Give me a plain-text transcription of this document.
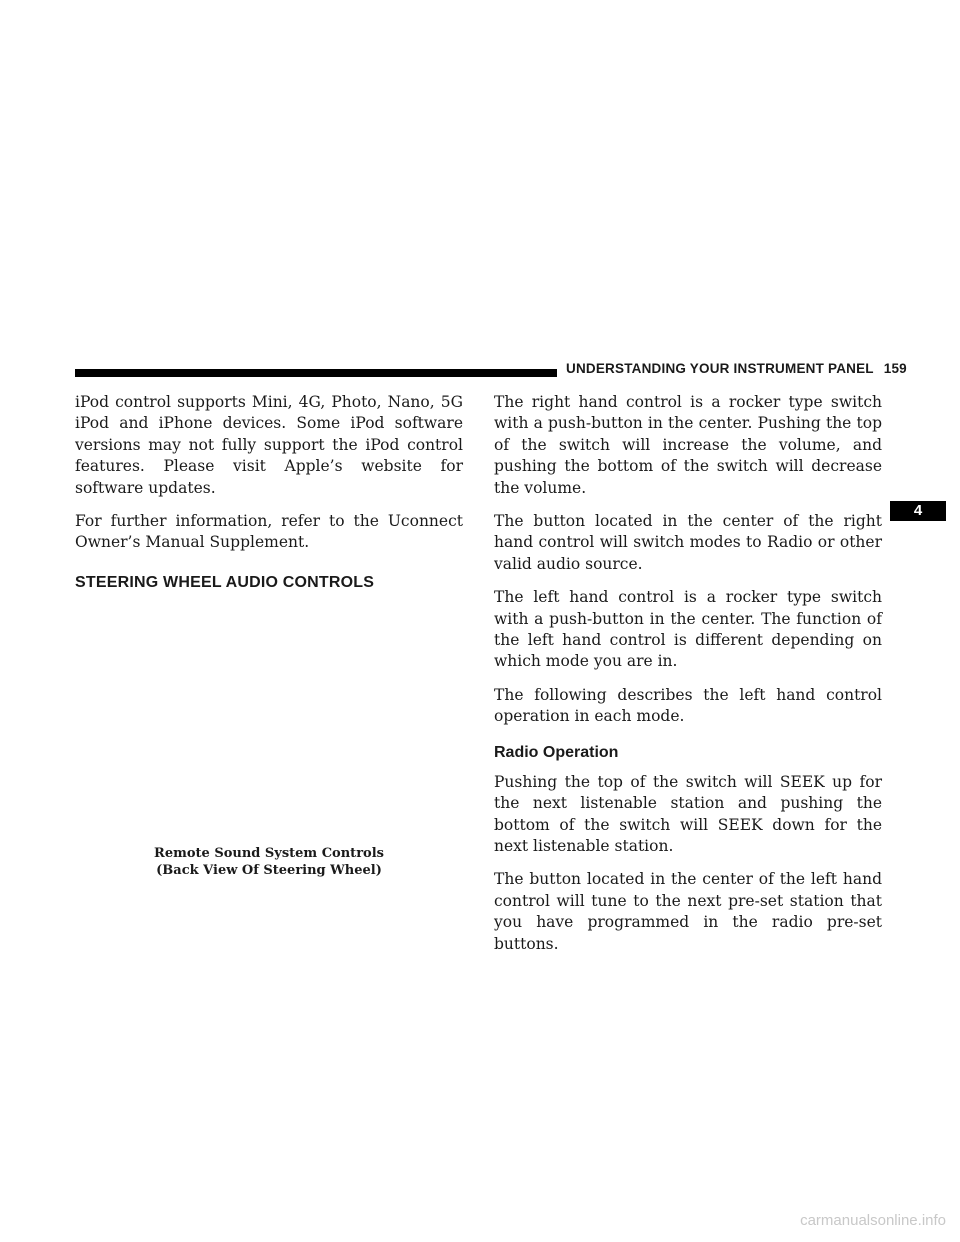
UNDERSTANDING YOUR INSTRUMENT PANEL 159

iPod control supports Mini, 4G, Photo, Nano, 5G iPod and iPhone devices. Some iPod software versions may not fully support the iPod control features. Please visit Apple’s website for software updates.

For further information, refer to the Uconnect Owner’s Manual Supplement.

STEERING WHEEL AUDIO CONTROLS

Remote Sound System Controls
(Back View Of Steering Wheel)

The right hand control is a rocker type switch with a push-button in the center. Pushing the top of the switch will increase the volume, and pushing the bottom of the switch will decrease the volume.

The button located in the center of the right hand control will switch modes to Radio or other valid audio source.

The left hand control is a rocker type switch with a push-button in the center. The function of the left hand control is different depending on which mode you are in.

The following describes the left hand control operation in each mode.

Radio Operation

Pushing the top of the switch will SEEK up for the next listenable station and pushing the bottom of the switch will SEEK down for the next listenable station.

The button located in the center of the left hand control will tune to the next pre-set station that you have programmed in the radio pre-set buttons.

4
carmanualsonline.info
